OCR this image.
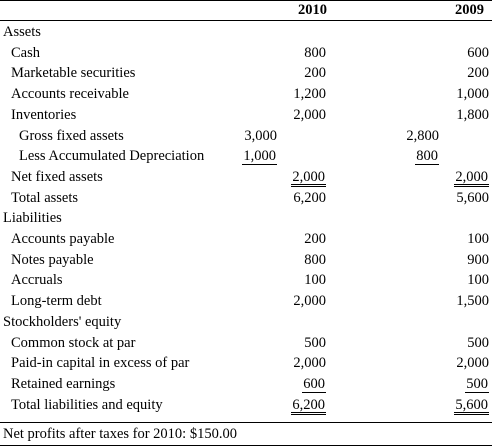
2010	2009
Assets
Cash	800	600
Marketable securities	200	200
Accounts receivable	1,200	1,000
Inventories	2,000	1,800
Gross fixed assets	3,000	2,800
Less Accumulated Depreciation	1,000	800
Net fixed assets	2,000	2,000
Total assets	6,200	5,600
Liabilities
Accounts payable	200	100
Notes payable	800	900
Accruals	100	100
Long-term debt	2,000	1,500
Stockholders' equity
Common stock at par	500	500
Paid-in capital in excess of par	2,000	2,000
Retained earnings	600	500
Total liabilities and equity	6,200	5,600
Net profits after taxes for 2010: $150.00
